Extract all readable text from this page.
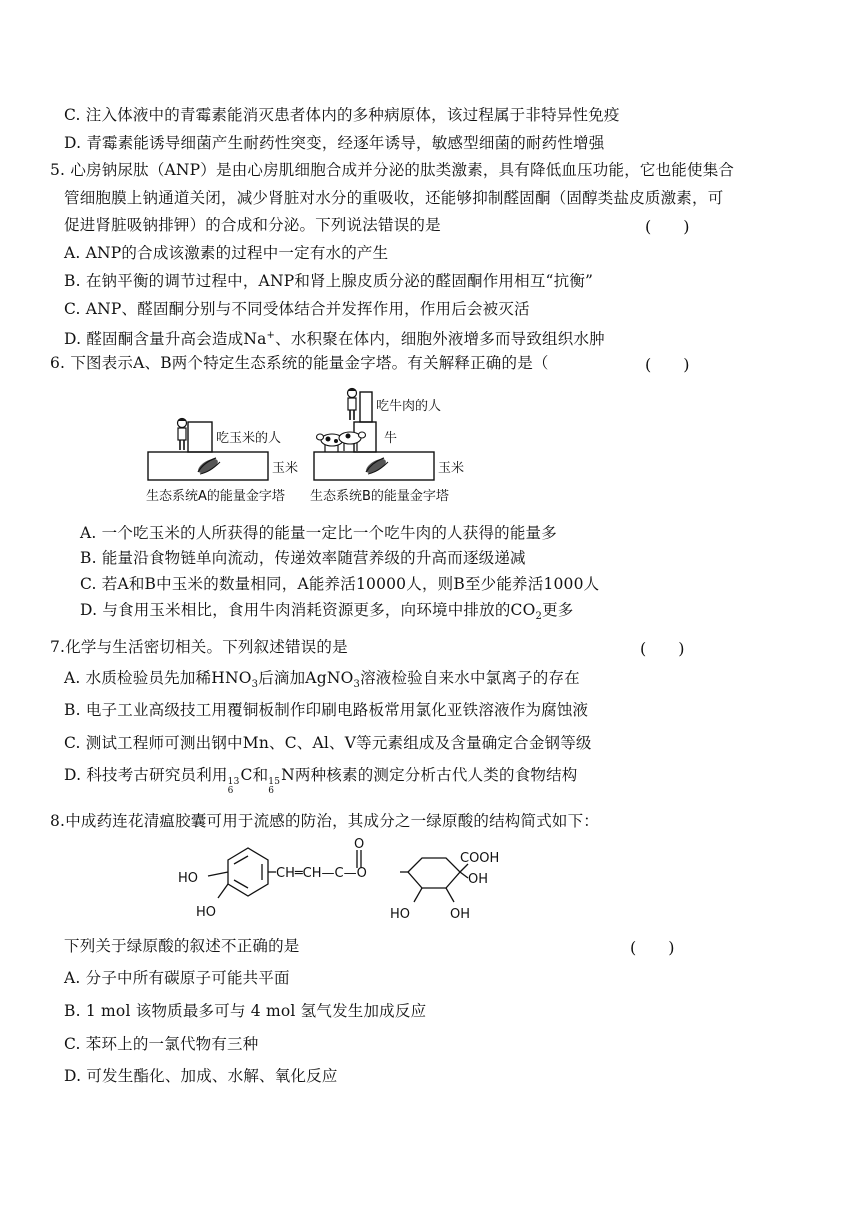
C. 注入体液中的青霉素能消灭患者体内的多种病原体，该过程属于非特异性免疫
D. 青霉素能诱导细菌产生耐药性突变，经逐年诱导，敏感型细菌的耐药性增强
5. 心房钠尿肽（ANP）是由心房肌细胞合成并分泌的肽类激素，具有降低血压功能，它也能使集合
管细胞膜上钠通道关闭，减少肾脏对水分的重吸收，还能够抑制醛固酮（固醇类盐皮质激素，可
促进肾脏吸钠排钾）的合成和分泌。下列说法错误的是	(　　)
A. ANP的合成该激素的过程中一定有水的产生
B. 在钠平衡的调节过程中，ANP和肾上腺皮质分泌的醛固酮作用相互“抗衡”
C. ANP、醛固酮分别与不同受体结合并发挥作用，作用后会被灭活
D. 醛固酮含量升高会造成Na+、水积聚在体内，细胞外液增多而导致组织水肿
6. 下图表示A、B两个特定生态系统的能量金字塔。有关解释正确的是（	(　　)
吃玉米的人
玉米
生态系统A的能量金字塔
吃牛肉的人
牛
玉米
生态系统B的能量金字塔
A. 一个吃玉米的人所获得的能量一定比一个吃牛肉的人获得的能量多
B. 能量沿食物链单向流动，传递效率随营养级的升高而逐级递减
C. 若A和B中玉米的数量相同，A能养活10000人，则B至少能养活1000人
D. 与食用玉米相比，食用牛肉消耗资源更多，向环境中排放的$CO_2$更多
7.化学与生活密切相关。下列叙述错误的是	(　　)
A. 水质检验员先加稀$HNO_3$后滴加AgNO$_3$溶液检验自来水中氯离子的存在
B. 电子工业高级技工用覆铜板制作印刷电路板常用氯化亚铁溶液作为腐蚀液
C. 测试工程师可测出钢中Mn、C、Al、V等元素组成及含量确定合金钢等级
D. 科技考古研究员利用 13
6
C和 15
6
N两种核素的测定分析古代人类的食物结构
8.中成药连花清瘟胶囊可用于流感的防治，其成分之一绿原酸的结构简式如下：
HO
HO
CH═CH—C—O
O
COOH
OH
HO	OH
下列关于绿原酸的叙述不正确的是	(　　)
A. 分子中所有碳原子可能共平面
B. 1 mol 该物质最多可与 4 mol 氢气发生加成反应
C. 苯环上的一氯代物有三种
D. 可发生酯化、加成、水解、氧化反应
